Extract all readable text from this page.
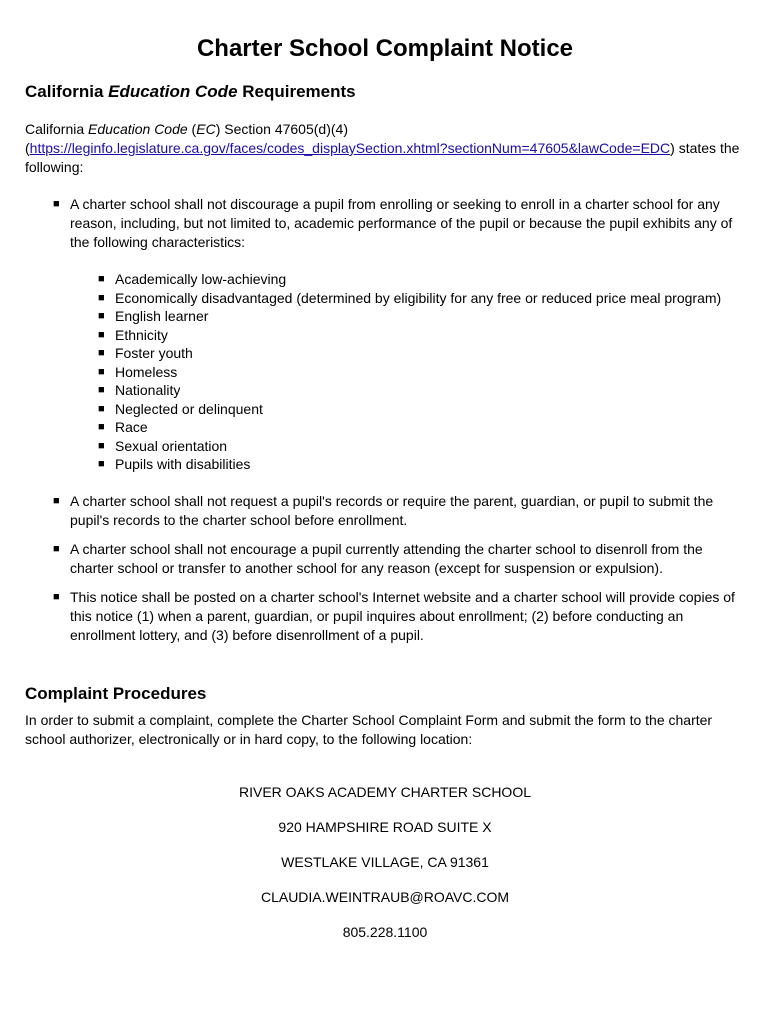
Charter School Complaint Notice
California Education Code Requirements

California Education Code (EC) Section 47605(d)(4) (https://leginfo.legislature.ca.gov/faces/codes_displaySection.xhtml?sectionNum=47605&lawCode=EDC) states the following:

■ A charter school shall not discourage a pupil from enrolling or seeking to enroll in a charter school for any reason, including, but not limited to, academic performance of the pupil or because the pupil exhibits any of the following characteristics:
■ Academically low-achieving
■ Economically disadvantaged (determined by eligibility for any free or reduced price meal program)
■ English learner
■ Ethnicity
■ Foster youth
■ Homeless
■ Nationality
■ Neglected or delinquent
■ Race
■ Sexual orientation
■ Pupils with disabilities
■ A charter school shall not request a pupil's records or require the parent, guardian, or pupil to submit the pupil's records to the charter school before enrollment.
■ A charter school shall not encourage a pupil currently attending the charter school to disenroll from the charter school or transfer to another school for any reason (except for suspension or expulsion).
■ This notice shall be posted on a charter school's Internet website and a charter school will provide copies of this notice (1) when a parent, guardian, or pupil inquires about enrollment; (2) before conducting an enrollment lottery, and (3) before disenrollment of a pupil.
Complaint Procedures

In order to submit a complaint, complete the Charter School Complaint Form and submit the form to the charter school authorizer, electronically or in hard copy, to the following location:

RIVER OAKS ACADEMY CHARTER SCHOOL
920 HAMPSHIRE ROAD SUITE X
WESTLAKE VILLAGE, CA 91361
CLAUDIA.WEINTRAUB@ROAVC.COM
805.228.1100
